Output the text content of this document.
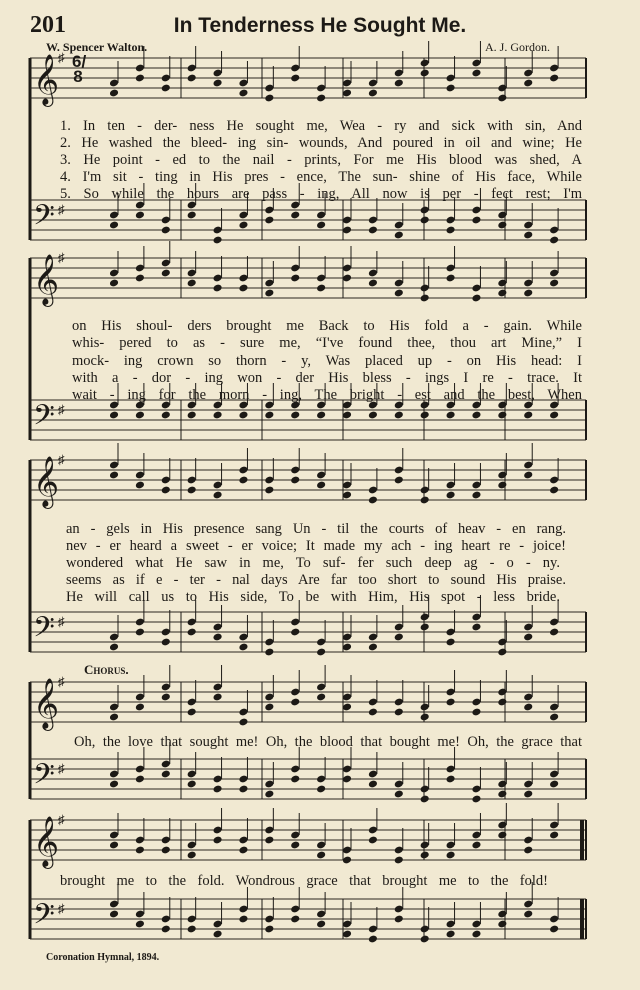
201	In Tenderness He Sought Me.
W. Spencer Walton.	A. J. Gordon.
𝄞
♯
𝄢 ♯
𝄞
♯
𝄢 ♯
𝄞
♯
𝄢 ♯
𝄞
♯
𝄢 ♯
𝄞
♯
𝄢 ♯
6/8
1. In ten - der- ness He sought me, Wea - ry and sick with sin, And
2. He washed the bleed- ing sin- wounds, And poured in oil and wine; He
3. He point - ed to the nail - prints, For me His blood was shed, A
4. I'm sit - ting in His pres - ence, The sun- shine of His face, While
5. So while the hours are pass - ing, All now is per - fect rest; I'm
on His shoul- ders brought me Back to His fold a - gain. While
whis- pered to as - sure me, “I've found thee, thou art Mine,” I
mock- ing crown so thorn - y, Was placed up - on His head: I
with a - dor - ing won - der His bless - ings I re - trace. It
wait - ing for the morn - ing, The bright - est and the best, When
an - gels in His presence sang Un - til the courts of heav - en rang.
nev - er heard a sweet - er voice; It made my ach - ing heart re - joice!
wondered what He saw in me, To suf- fer such deep ag - o - ny.
seems as if e - ter - nal days Are far too short to sound His praise.
He will call us to His side, To be with Him, His spot - less bride.
Chorus.
Oh, the love that sought me! Oh, the blood that bought me! Oh, the grace that
brought me to the fold. Wondrous grace that brought me to the fold!
Coronation Hymnal, 1894.
